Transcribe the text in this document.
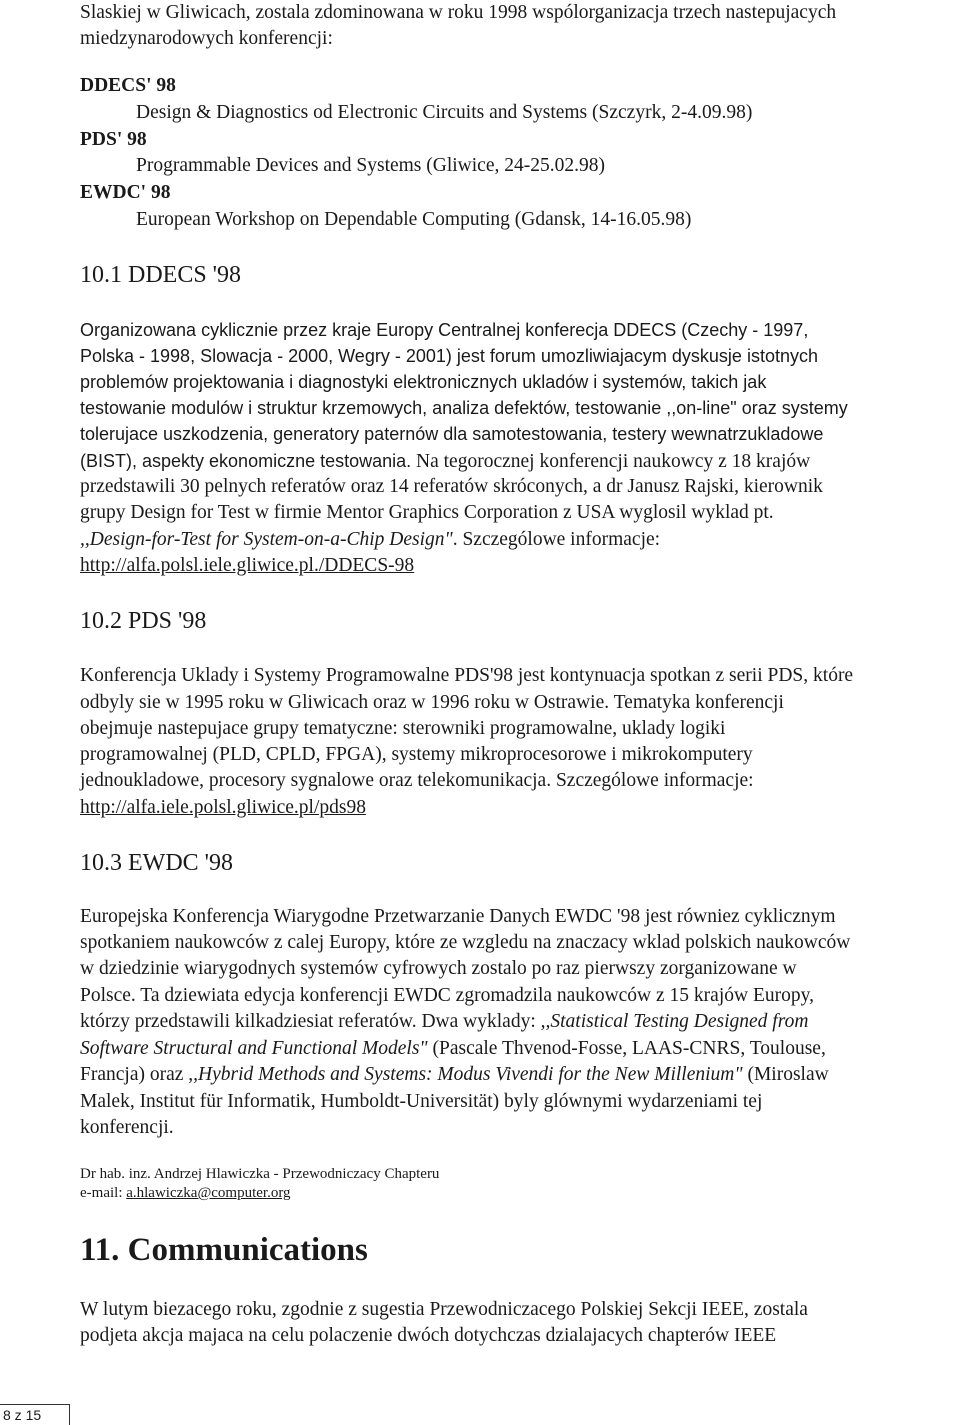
Slaskiej w Gliwicach, zostala zdominowana w roku 1998 wspólorganizacja trzech nastepujacych
miedzynarodowych konferencji:
DDECS' 98
Design & Diagnostics od Electronic Circuits and Systems (Szczyrk, 2-4.09.98)
PDS' 98
Programmable Devices and Systems (Gliwice, 24-25.02.98)
EWDC' 98
European Workshop on Dependable Computing (Gdansk, 14-16.05.98)
10.1 DDECS '98
Organizowana cyklicznie przez kraje Europy Centralnej konferecja DDECS (Czechy - 1997,
Polska - 1998, Slowacja - 2000, Wegry - 2001) jest forum umozliwiajacym dyskusje istotnych
problemów projektowania i diagnostyki elektronicznych ukladów i systemów, takich jak
testowanie modulów i struktur krzemowych, analiza defektów, testowanie ,,on-line" oraz systemy
tolerujace uszkodzenia, generatory paternów dla samotestowania, testery wewnatrzukladowe
(BIST), aspekty ekonomiczne testowania. Na tegorocznej konferencji naukowcy z 18 krajów
przedstawili 30 pelnych referatów oraz 14 referatów skróconych, a dr Janusz Rajski, kierownik
grupy Design for Test w firmie Mentor Graphics Corporation z USA wyglosil wyklad pt.
,,Design-for-Test for System-on-a-Chip Design". Szczególowe informacje:
http://alfa.polsl.iele.gliwice.pl./DDECS-98
10.2 PDS '98
Konferencja Uklady i Systemy Programowalne PDS'98 jest kontynuacja spotkan z serii PDS, które
odbyly sie w 1995 roku w Gliwicach oraz w 1996 roku w Ostrawie. Tematyka konferencji
obejmuje nastepujace grupy tematyczne: sterowniki programowalne, uklady logiki
programowalnej (PLD, CPLD, FPGA), systemy mikroprocesorowe i mikrokomputery
jednoukladowe, procesory sygnalowe oraz telekomunikacja. Szczególowe informacje:
http://alfa.iele.polsl.gliwice.pl/pds98
10.3 EWDC '98
Europejska Konferencja Wiarygodne Przetwarzanie Danych EWDC '98 jest równiez cyklicznym
spotkaniem naukowców z calej Europy, które ze wzgledu na znaczacy wklad polskich naukowców
w dziedzinie wiarygodnych systemów cyfrowych zostalo po raz pierwszy zorganizowane w
Polsce. Ta dziewiata edycja konferencji EWDC zgromadzila naukowców z 15 krajów Europy,
którzy przedstawili kilkadziesiat referatów. Dwa wyklady: ,,Statistical Testing Designed from
Software Structural and Functional Models" (Pascale Thvenod-Fosse, LAAS-CNRS, Toulouse,
Francja) oraz ,,Hybrid Methods and Systems: Modus Vivendi for the New Millenium" (Miroslaw
Malek, Institut für Informatik, Humboldt-Universität) byly glównymi wydarzeniami tej
konferencji.
Dr hab. inz. Andrzej Hlawiczka - Przewodniczacy Chapteru
e-mail: a.hlawiczka@computer.org
11. Communications
W lutym biezacego roku, zgodnie z sugestia Przewodniczacego Polskiej Sekcji IEEE, zostala
podjeta akcja majaca na celu polaczenie dwóch dotychczas dzialajacych chapterów IEEE
8 z 15
